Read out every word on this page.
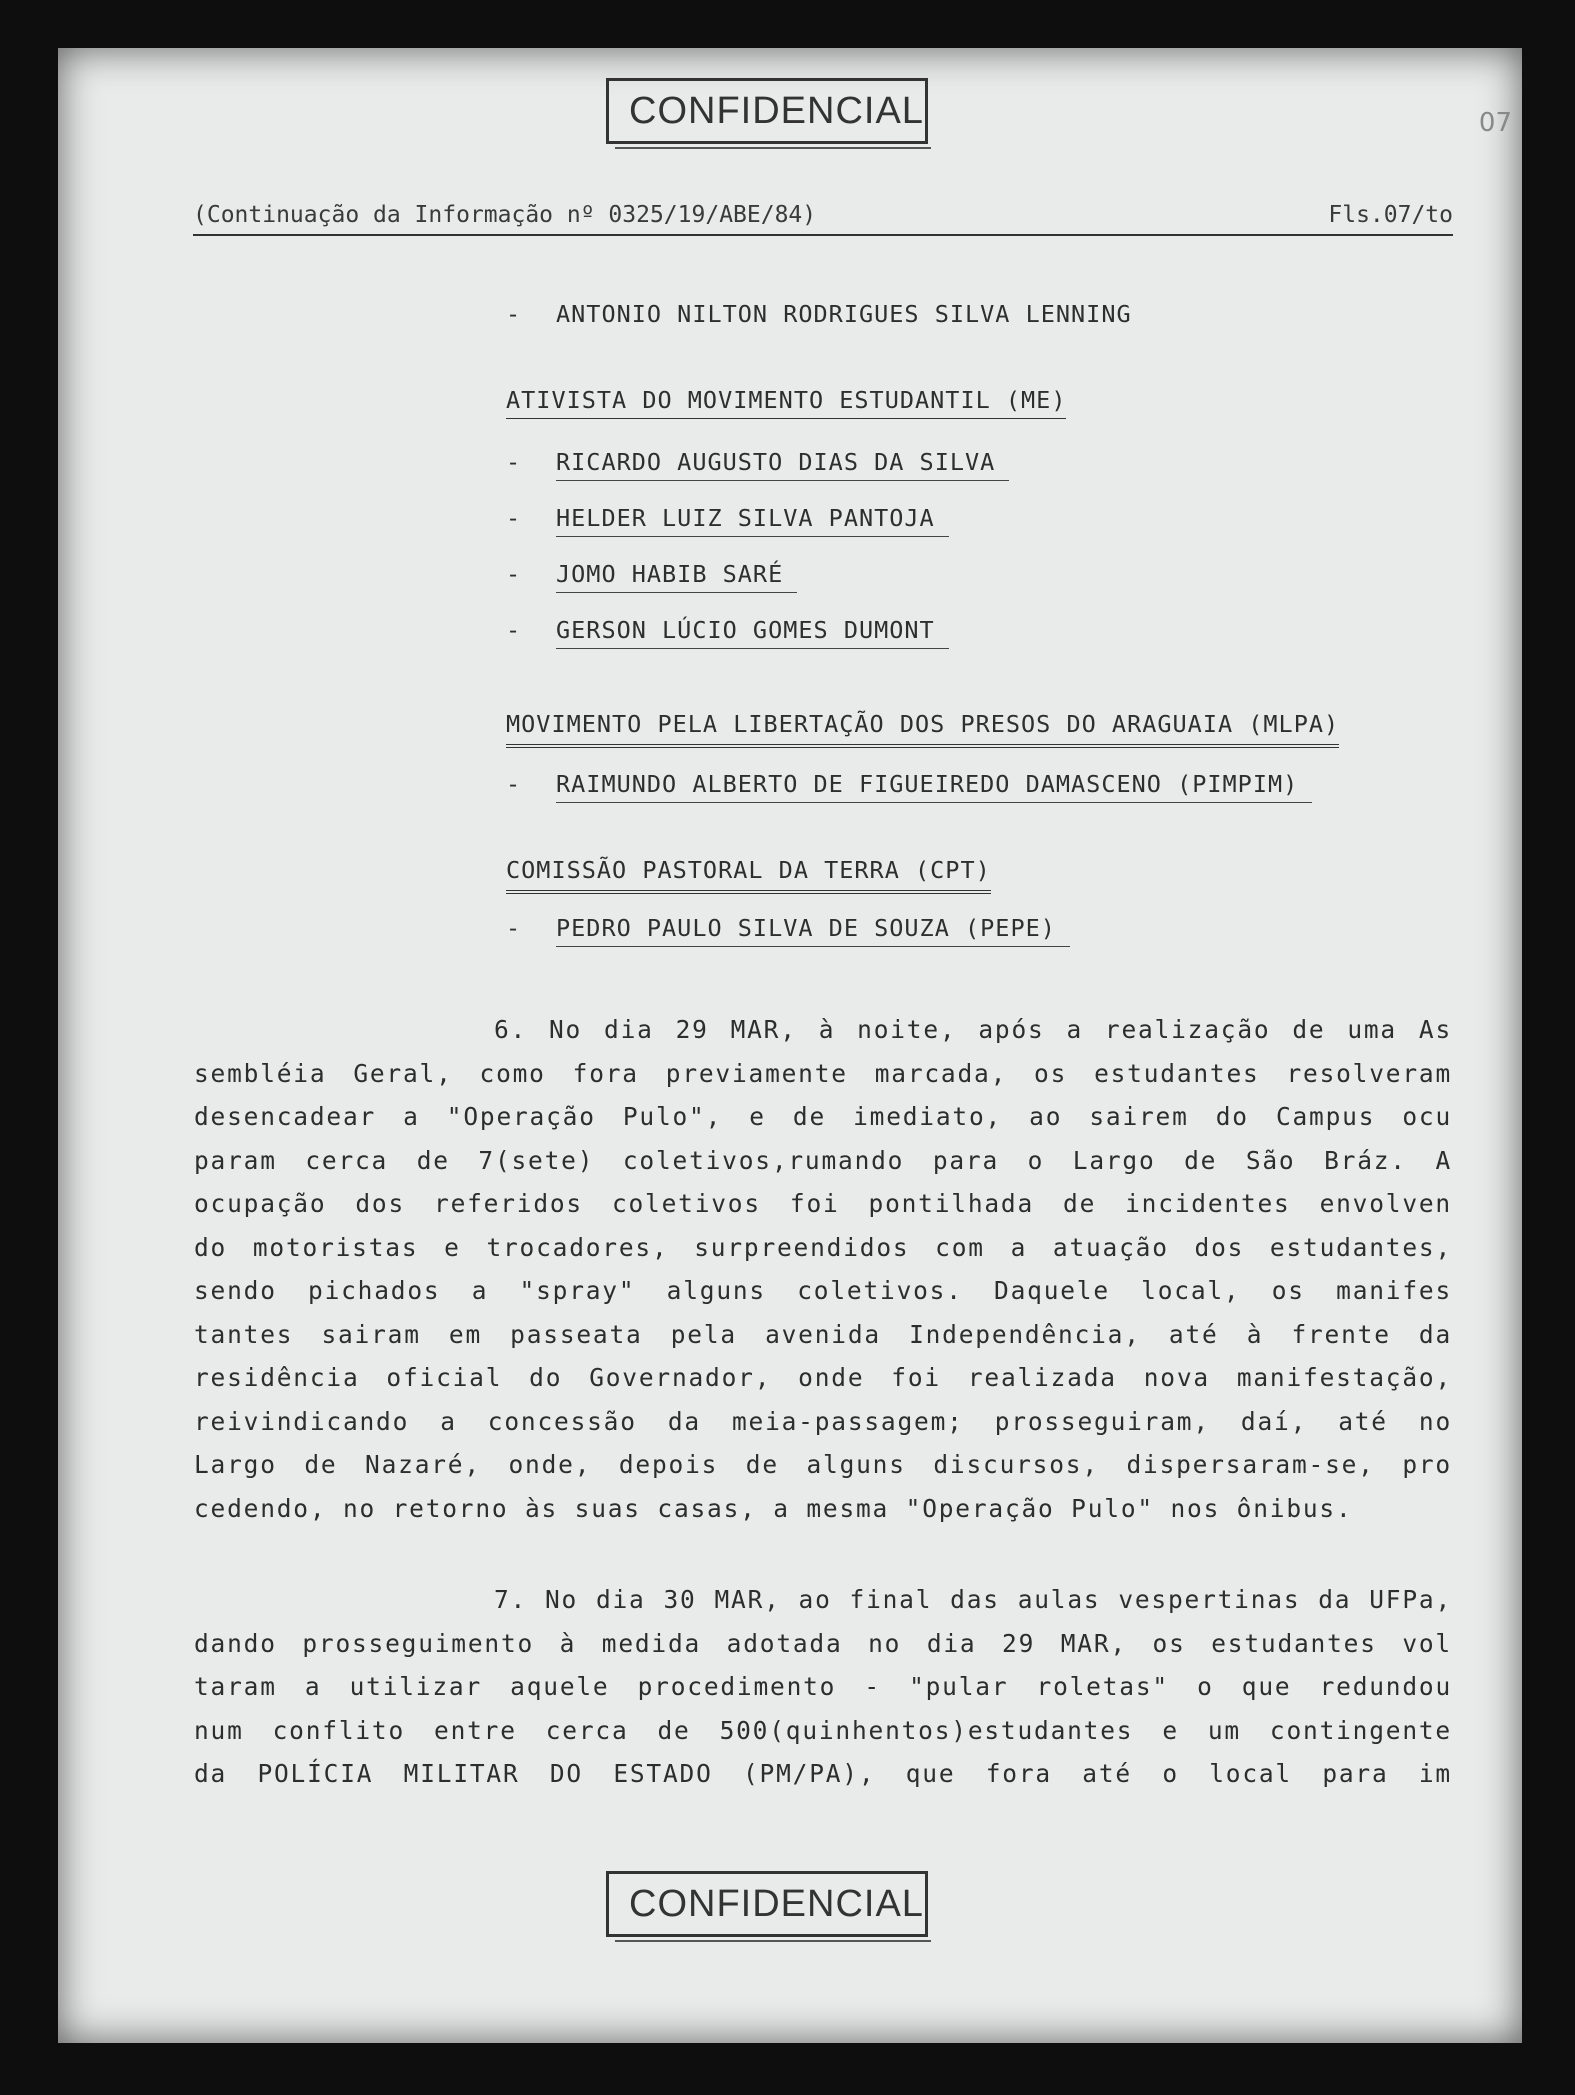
CONFIDENCIAL	07
(Continuação da Informação nº 0325/19/ABE/84)	Fls.07/to
- ANTONIO NILTON RODRIGUES SILVA LENNING
ATIVISTA DO MOVIMENTO ESTUDANTIL (ME)
- RICARDO AUGUSTO DIAS DA SILVA
- HELDER LUIZ SILVA PANTOJA
- JOMO HABIB SARÉ
- GERSON LÚCIO GOMES DUMONT
MOVIMENTO PELA LIBERTAÇÃO DOS PRESOS DO ARAGUAIA (MLPA)
- RAIMUNDO ALBERTO DE FIGUEIREDO DAMASCENO (PIMPIM)
COMISSÃO PASTORAL DA TERRA (CPT)
- PEDRO PAULO SILVA DE SOUZA (PEPE)

6. No dia 29 MAR, à noite, após a realização de uma As

sembléia Geral, como fora previamente marcada, os estudantes resolveram

desencadear a "Operação Pulo", e de imediato, ao sairem do Campus ocu

param cerca de 7(sete) coletivos,rumando para o Largo de São Bráz. A

ocupação dos referidos coletivos foi pontilhada de incidentes envolven

do motoristas e trocadores, surpreendidos com a atuação dos estudantes,

sendo pichados a "spray" alguns coletivos. Daquele local, os manifes

tantes sairam em passeata pela avenida Independência, até à frente da

residência oficial do Governador, onde foi realizada nova manifestação,

reivindicando a concessão da meia-passagem; prosseguiram, daí, até no

Largo de Nazaré, onde, depois de alguns discursos, dispersaram-se, pro

cedendo, no retorno às suas casas, a mesma "Operação Pulo" nos ônibus.

7. No dia 30 MAR, ao final das aulas vespertinas da UFPa,

dando prosseguimento à medida adotada no dia 29 MAR, os estudantes vol

taram a utilizar aquele procedimento - "pular roletas" o que redundou

num conflito entre cerca de 500(quinhentos)estudantes e um contingente

da POLÍCIA MILITAR DO ESTADO (PM/PA), que fora até o local para im

CONFIDENCIAL
